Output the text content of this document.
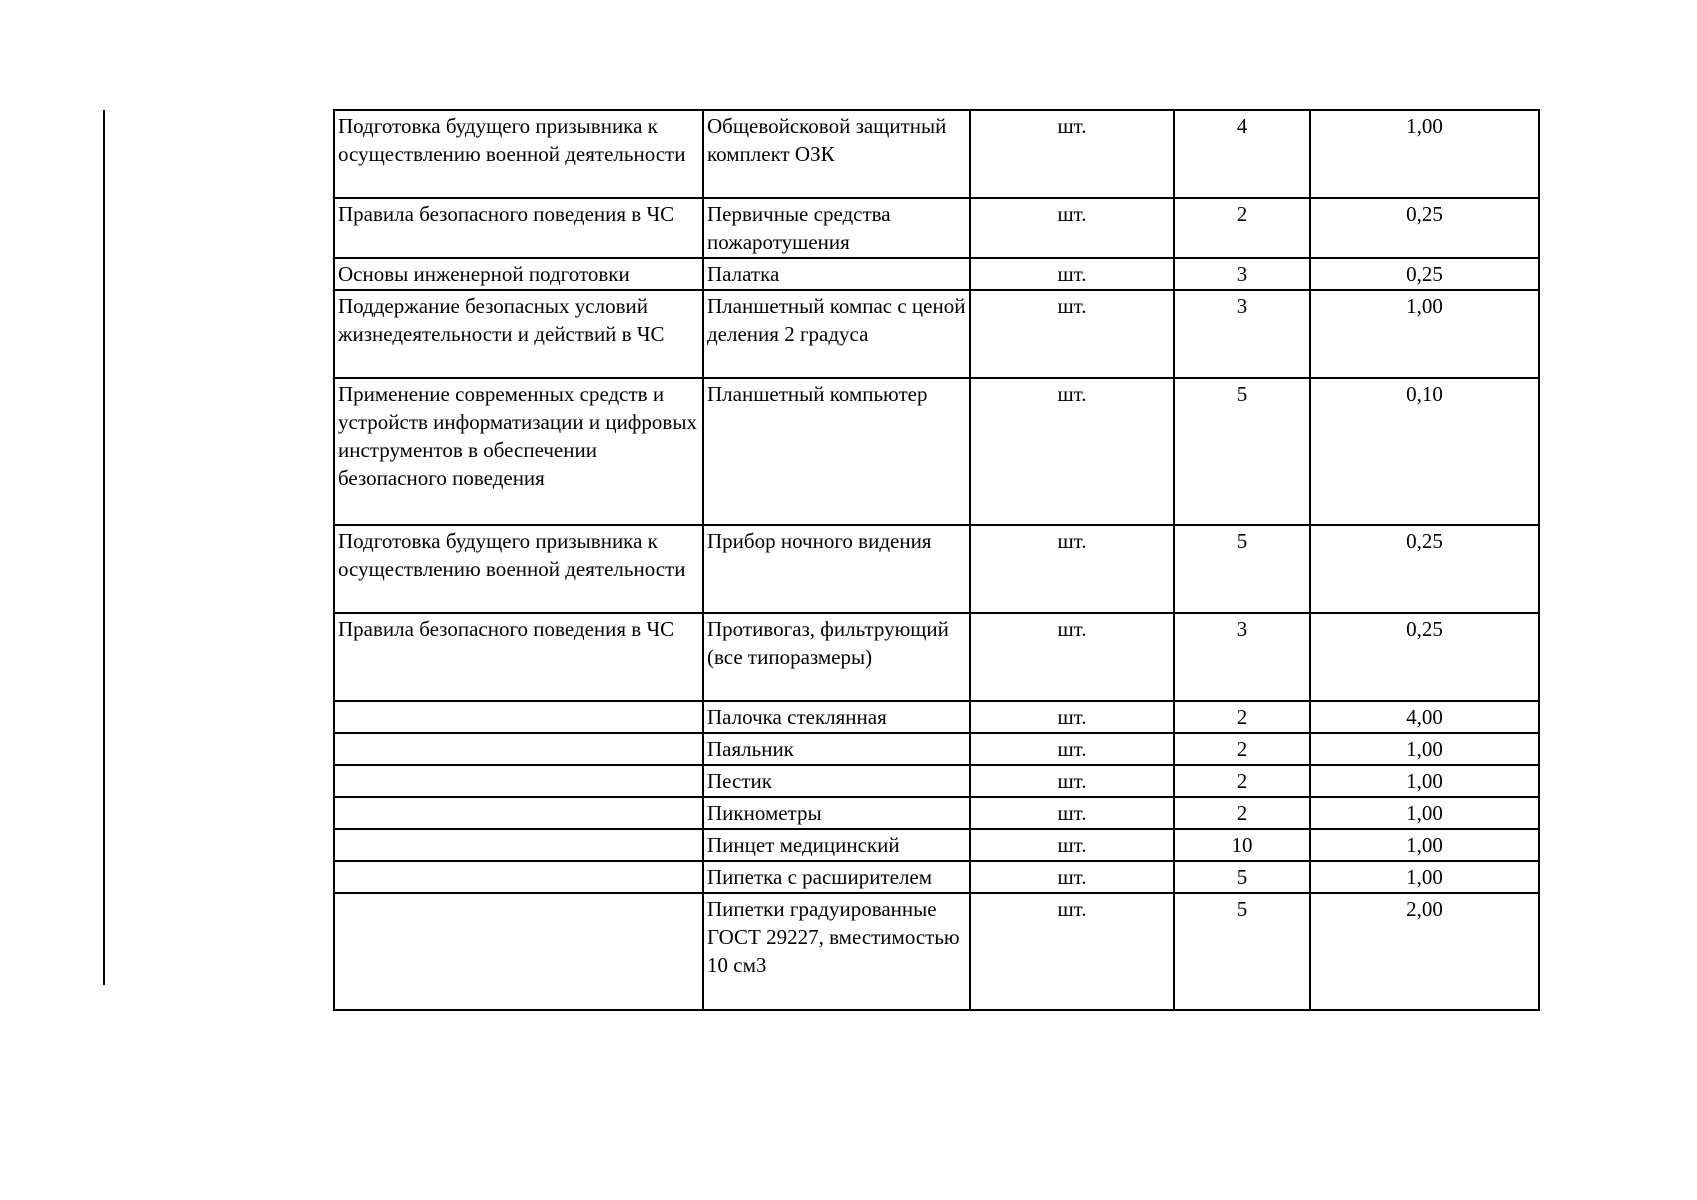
Подготовка будущего призывника к осуществлению военной деятельности	Общевойсковой защитный комплект ОЗК	шт.	4	1,00
Правила безопасного поведения в ЧС	Первичные средства пожаротушения	шт.	2	0,25
Основы инженерной подготовки	Палатка	шт.	3	0,25
Поддержание безопасных условий жизнедеятельности и действий в ЧС	Планшетный компас с ценой деления 2 градуса	шт.	3	1,00
Применение современных средств и устройств информатизации и цифровых инструментов в обеспечении безопасного поведения	Планшетный компьютер	шт.	5	0,10
Подготовка будущего призывника к осуществлению военной деятельности	Прибор ночного видения	шт.	5	0,25
Правила безопасного поведения в ЧС	Противогаз, фильтрующий (все типоразмеры)	шт.	3	0,25
	Палочка стеклянная	шт.	2	4,00
	Паяльник	шт.	2	1,00
	Пестик	шт.	2	1,00
	Пикнометры	шт.	2	1,00
	Пинцет медицинский	шт.	10	1,00
	Пипетка с расширителем	шт.	5	1,00
	Пипетки градуированные ГОСТ 29227, вместимостью 10 см3	шт.	5	2,00
